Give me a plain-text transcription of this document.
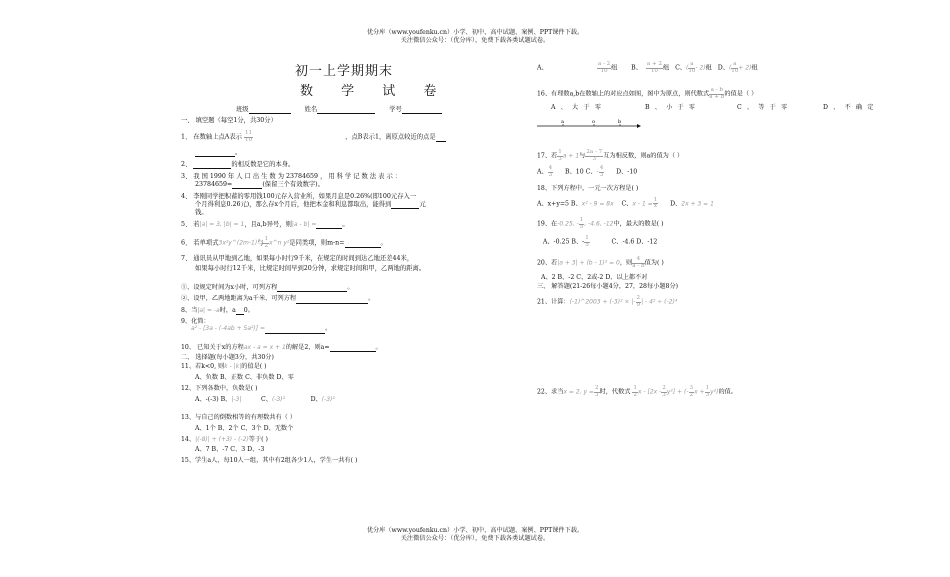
优分库（www.youfenku.cn）小学、初中、高中试题、案例、PPT课件下载。
关注微信公众号：（优分库），免费下载各类试题试卷。
初一上学期期末
数 学 试 卷
班级	姓名	学号
一、 填空题（每空1分，共30分）
1、 在数轴上点A表示 $\frac{11}{10}$	，点B表示1，离原点较近的点是
。
2、	的相反数是它的本身。
3、 我 国 1990 年 人 口 出 生 数 为 23784659 ， 用 科 学 记 数 法 表 示 ：
23784659≈	(保留三个有效数字)。
4、 李刚同学把积蓄的零用钱100元存入营业所，如果月息是0.26%(即100元存入一
个月得利息0.26元)，那么存x个月后，他把本金和利息都取出，能得到	元
钱。
5、 若|a| = 3, |b| = 1，且a,b异号，则|a - b| =	。
6、 若单项式3x²y^(2m-1)与 $\frac{1}{2}$ x^n y²是同类项，则m-n=	。
7、 通讯员从甲地到乙地，如果每小时行9千米，在规定的时间到达乙地还差44米，
如果每小时行12千米，比规定时间早到20分钟，求规定时间和甲，乙两地的距离。
①、设规定时间为x小时，可列方程	。
②、设甲，乙两地距离为a千米，可列方程	。
8、当|a| = -a时，a 0。
9、化简：
a² - [3a - (-4ab + 5a²)] =	。
10、 已知关于x的方程ax - a = x + 1的解是2，则a=	。
二、 选择题(每小题3分，共30分)
11、若k<0, 则k - |k|的值是( )
A、负数 B、正数 C、非负数 D、零
12、下列各数中，负数是( )
A、-(-3) B、|-3|	C、(-3)²	D、(-3)³
13、与自己的倒数相等的有理数共有（ ）
A、1个 B、2个 C、3个 D、无数个
14、|(-8)| + (+3) - (-2)等于( )
A、7 B、-7 C、3 D、-3
15、学生a人，每10人一组，其中有2组各少1人，学生一共有( )
A、	$\frac{a - 2}{10}$ 组 B、 $\frac{a + 2}{10}$ 组 C、( $\frac{a}{10} - 2$)组 D、( $\frac{a}{10} + 2$)组
16、有理数a,b在数轴上的对应点如图，图中为原点，则代数式 $\frac{a - b}{a + b}$ 的值是（ ）
A 、 大 于 零	B 、 小 于 零	C 、 等 于 零	D 、 不 确 定
a	o	b
17、若 $\frac{1}{3}$ a + 1与 $\frac{2a - 7}{3}$ 互为相反数，则a的值为（ ）
A、 $\frac{4}{3}$ B、10 C、- $\frac{4}{3}$ D、-10
18、下列方程中，一元一次方程是( )
A、x+y=5 B、x² - 9 = 8x C、$x - 1 = \frac{1}{x}$ D、2x + 3 = 1
19、在-0.25, - $\frac{1}{5}$ , -4.6, -12中，最大的数是( )
A、-0.25 B、- $\frac{1}{5}$	C、-4.6 D、-12
20、若|a + 3| + (b - 1)² = 0，则 $\frac{4}{a - b}$ 值为( )
A、2 B、-2 C、2或-2 D、以上都不对
三、 解答题(21-26每小题4分，27，28每小题8分)
21、计算：(-1)^2003 + (-3)² × |- $\frac{2}{9}$ | - 4² ÷ (-2)⁴
22、求当x = 2, $y = \frac{2}{3}$ 时，代数式 $\frac{1}{2}$ x - $[2x - \frac{2}{3} y^2]$ + (- $\frac{3}{2}$ $x + \frac{1}{3} y^2$)的值。
优分库（www.youfenku.cn）小学、初中、高中试题、案例、PPT课件下载。
关注微信公众号：（优分库），免费下载各类试题试卷。
